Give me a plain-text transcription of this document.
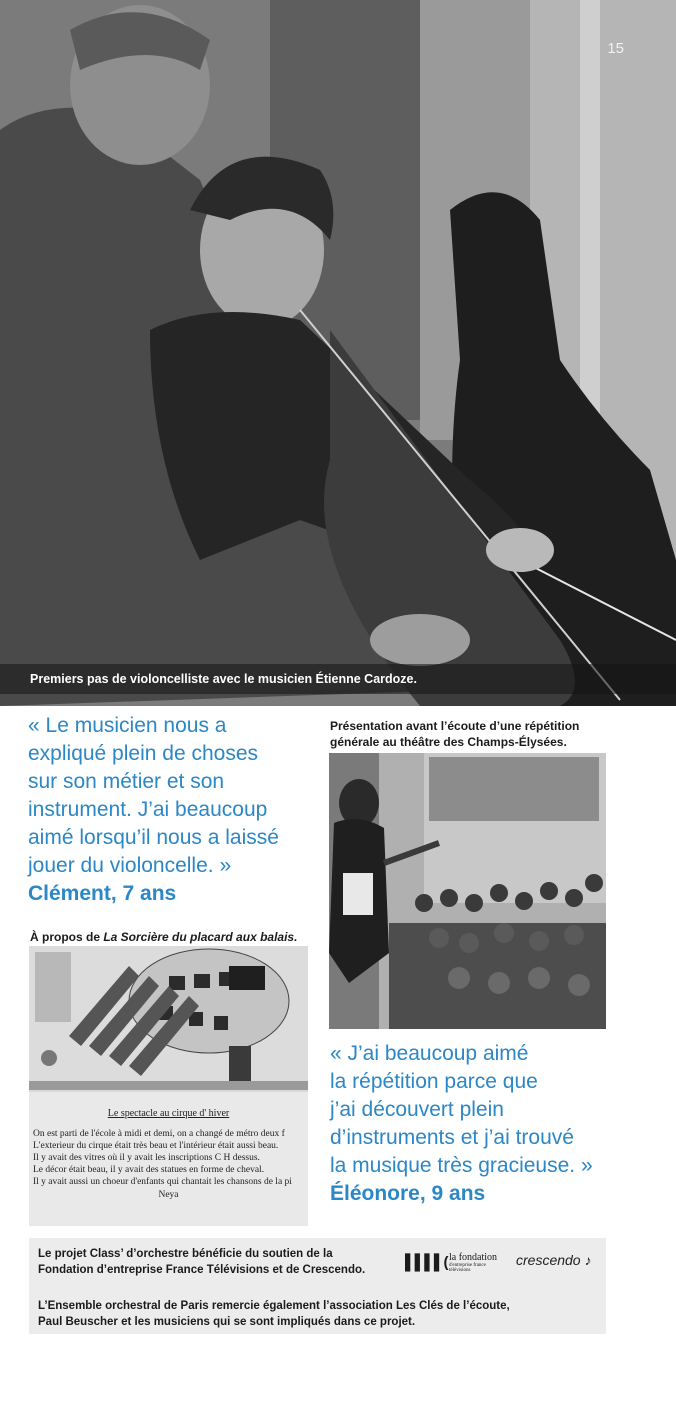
15
Premiers pas de violoncelliste avec le musicien Étienne Cardoze.
« Le musicien nous a
expliqué plein de choses
sur son métier et son
instrument. J’ai beaucoup
aimé lorsqu’il nous a laissé
jouer du violoncelle. »
Clément, 7 ans
Présentation avant l’écoute d’une répétition
générale au théâtre des Champs-Élysées.
À propos de La Sorcière du placard aux balais.
Le spectacle au cirque d' hiver
On est parti de l'école à midi et demi, on a changé de métro deux f
L'exterieur du cirque était très beau et l'intérieur était aussi beau.
Il y avait des vitres où il y avait les inscriptions C H dessus.
Le décor était beau, il y avait des statues en forme de cheval.
Il y avait aussi un choeur d'enfants qui chantait les chansons de la pi
Neya
« J’ai beaucoup aimé
la répétition parce que
j’ai découvert plein
d’instruments et j’ai trouvé
la musique très gracieuse. »
Éléonore, 9 ans
Le projet Class’ d’orchestre bénéficie du soutien de la
Fondation d’entreprise France Télévisions et de Crescendo.	▌▌▌▌( la fondation
d'entreprise france télévisions
crescendo ♪
L’Ensemble orchestral de Paris remercie également l’association Les Clés de l’écoute,
Paul Beuscher et les musiciens qui se sont impliqués dans ce projet.
